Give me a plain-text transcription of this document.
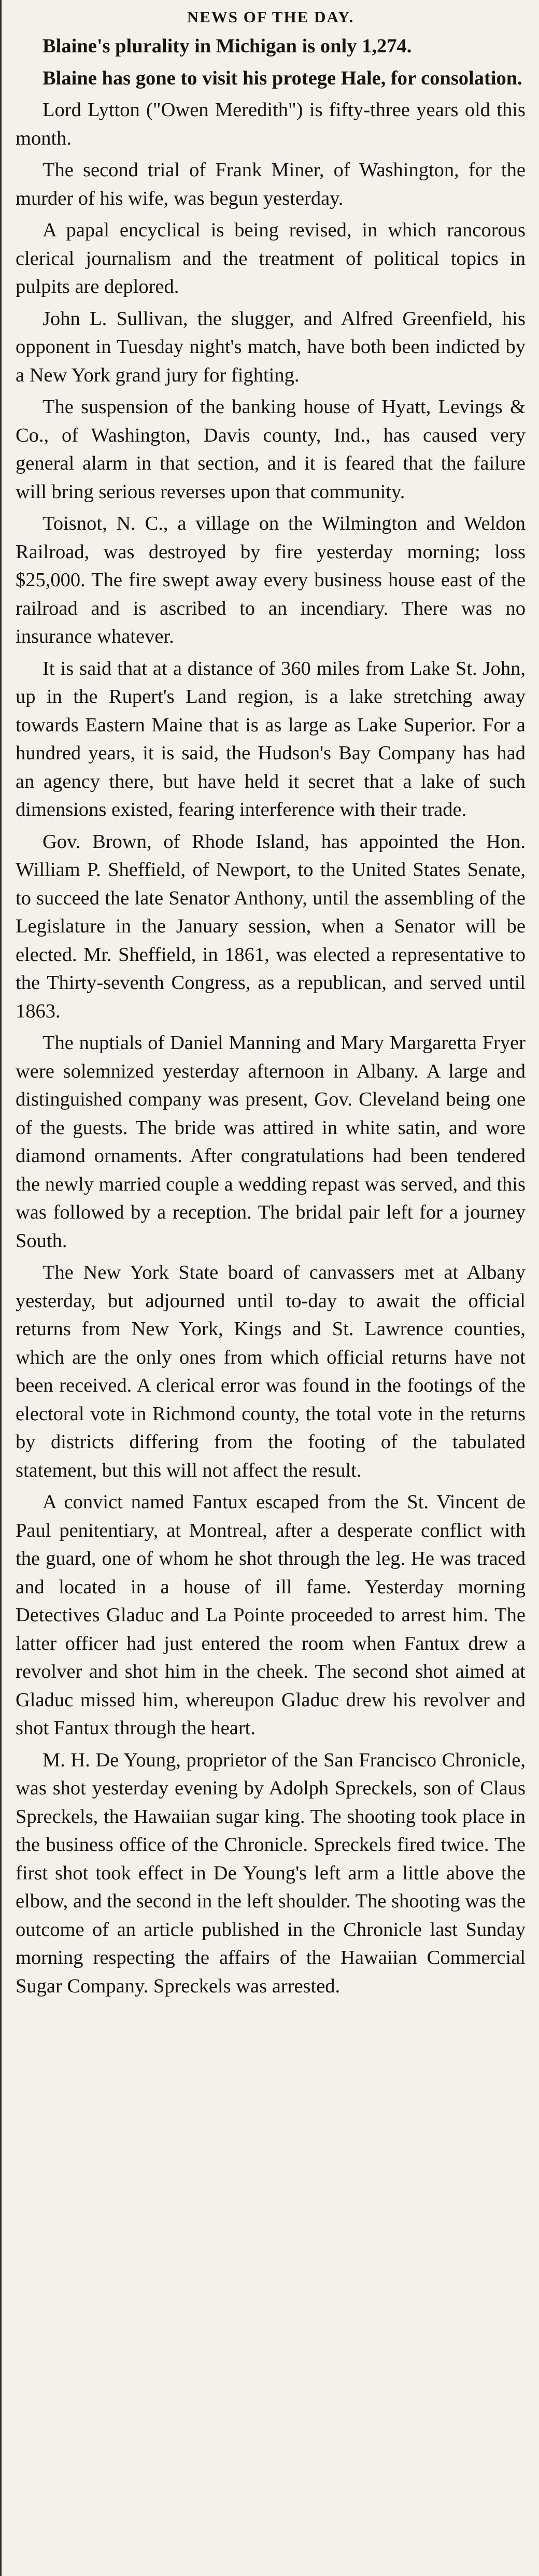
NEWS OF THE DAY.

Blaine's plurality in Michigan is only 1,274.

Blaine has gone to visit his protege Hale, for consolation.

Lord Lytton ("Owen Meredith") is fifty-three years old this month.

The second trial of Frank Miner, of Washington, for the murder of his wife, was begun yesterday.

A papal encyclical is being revised, in which rancorous clerical journalism and the treatment of political topics in pulpits are deplored.

John L. Sullivan, the slugger, and Alfred Greenfield, his opponent in Tuesday night's match, have both been indicted by a New York grand jury for fighting.

The suspension of the banking house of Hyatt, Levings & Co., of Washington, Davis county, Ind., has caused very general alarm in that section, and it is feared that the failure will bring serious reverses upon that community.

Toisnot, N. C., a village on the Wilmington and Weldon Railroad, was destroyed by fire yesterday morning; loss $25,000. The fire swept away every business house east of the railroad and is ascribed to an incendiary. There was no insurance whatever.

It is said that at a distance of 360 miles from Lake St. John, up in the Rupert's Land region, is a lake stretching away towards Eastern Maine that is as large as Lake Superior. For a hundred years, it is said, the Hudson's Bay Company has had an agency there, but have held it secret that a lake of such dimensions existed, fearing interference with their trade.

Gov. Brown, of Rhode Island, has appointed the Hon. William P. Sheffield, of Newport, to the United States Senate, to succeed the late Senator Anthony, until the assembling of the Legislature in the January session, when a Senator will be elected. Mr. Sheffield, in 1861, was elected a representative to the Thirty-seventh Congress, as a republican, and served until 1863.

The nuptials of Daniel Manning and Mary Margaretta Fryer were solemnized yesterday afternoon in Albany. A large and distinguished company was present, Gov. Cleveland being one of the guests. The bride was attired in white satin, and wore diamond ornaments. After congratulations had been tendered the newly married couple a wedding repast was served, and this was followed by a reception. The bridal pair left for a journey South.

The New York State board of canvassers met at Albany yesterday, but adjourned until to-day to await the official returns from New York, Kings and St. Lawrence counties, which are the only ones from which official returns have not been received. A clerical error was found in the footings of the electoral vote in Richmond county, the total vote in the returns by districts differing from the footing of the tabulated statement, but this will not affect the result.

A convict named Fantux escaped from the St. Vincent de Paul penitentiary, at Montreal, after a desperate conflict with the guard, one of whom he shot through the leg. He was traced and located in a house of ill fame. Yesterday morning Detectives Gladuc and La Pointe proceeded to arrest him. The latter officer had just entered the room when Fantux drew a revolver and shot him in the cheek. The second shot aimed at Gladuc missed him, whereupon Gladuc drew his revolver and shot Fantux through the heart.

M. H. De Young, proprietor of the San Francisco Chronicle, was shot yesterday evening by Adolph Spreckels, son of Claus Spreckels, the Hawaiian sugar king. The shooting took place in the business office of the Chronicle. Spreckels fired twice. The first shot took effect in De Young's left arm a little above the elbow, and the second in the left shoulder. The shooting was the outcome of an article published in the Chronicle last Sunday morning respecting the affairs of the Hawaiian Commercial Sugar Company. Spreckels was arrested.
